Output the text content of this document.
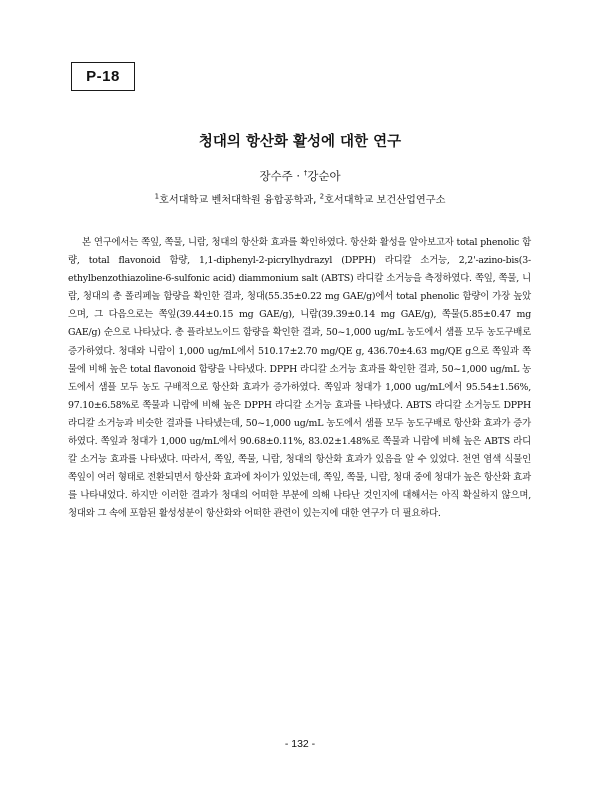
P-18
청대의 항산화 활성에 대한 연구
장수주 · †강순아
$^1$호서대학교 벤처대학원 융합공학과, $^2$호서대학교 보건산업연구소

본 연구에서는 쪽잎, 쪽물, 니람, 청대의 항산화 효과를 확인하였다. 항산화 활성을 알아보고자 total phenolic 함량, total flavonoid 함량, 1,1-diphenyl-2-picrylhydrazyl (DPPH) 라디칼 소거능, 2,2'-azino-bis(3-ethylbenzothiazoline-6-sulfonic acid) diammonium salt (ABTS) 라디칼 소거능을 측정하였다. 쪽잎, 쪽물, 니람, 청대의 총 폴리페놀 함량을 확인한 결과, 청대(55.35±0.22 mg GAE/g)에서 total phenolic 함량이 가장 높았으며, 그 다음으로는 쪽잎(39.44±0.15 mg GAE/g), 니람(39.39±0.14 mg GAE/g), 쪽물(5.85±0.47 mg GAE/g) 순으로 나타났다. 총 플라보노이드 함량을 확인한 결과, 50~1,000 ug/mL 농도에서 샘플 모두 농도구배로 증가하였다. 청대와 니람이 1,000 ug/mL에서 510.17±2.70 mg/QE g, 436.70±4.63 mg/QE g으로 쪽잎과 쪽물에 비해 높은 total flavonoid 함량을 나타냈다. DPPH 라디칼 소거능 효과를 확인한 결과, 50~1,000 ug/mL 농도에서 샘플 모두 농도 구배적으로 항산화 효과가 증가하였다. 쪽잎과 청대가 1,000 ug/mL에서 95.54±1.56%, 97.10±6.58%로 쪽물과 니람에 비해 높은 DPPH 라디칼 소거능 효과를 나타냈다. ABTS 라디칼 소거능도 DPPH 라디칼 소거능과 비슷한 결과를 나타냈는데, 50~1,000 ug/mL 농도에서 샘플 모두 농도구배로 항산화 효과가 증가하였다. 쪽잎과 청대가 1,000 ug/mL에서 90.68±0.11%, 83.02±1.48%로 쪽물과 니람에 비해 높은 ABTS 라디칼 소거능 효과를 나타냈다. 따라서, 쪽잎, 쪽물, 니람, 청대의 항산화 효과가 있음을 알 수 있었다. 천연 염색 식물인 쪽잎이 여러 형태로 전환되면서 항산화 효과에 차이가 있었는데, 쪽잎, 쪽물, 니람, 청대 중에 청대가 높은 항산화 효과를 나타내었다. 하지만 이러한 결과가 청대의 어떠한 부분에 의해 나타난 것인지에 대해서는 아직 확실하지 않으며, 청대와 그 속에 포함된 활성성분이 항산화와 어떠한 관련이 있는지에 대한 연구가 더 필요하다.

- 132 -
